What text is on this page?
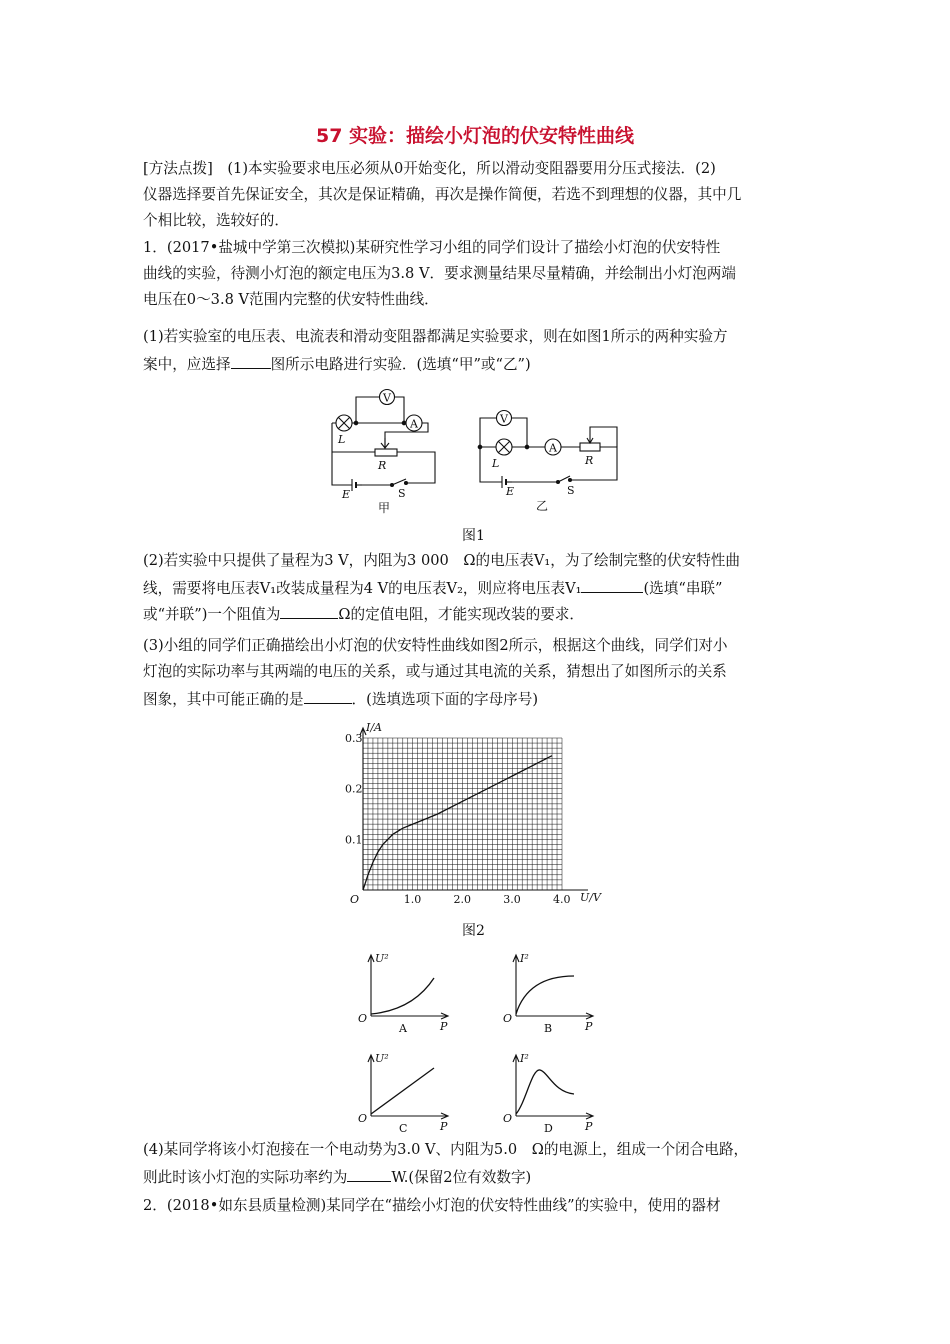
57 实验：描绘小灯泡的伏安特性曲线
[方法点拨]　(1)本实验要求电压必须从0开始变化，所以滑动变阻器要用分压式接法．(2)
仪器选择要首先保证安全，其次是保证精确，再次是操作简便，若选不到理想的仪器，其中几
个相比较，选较好的．
1．(2017•盐城中学第三次模拟)某研究性学习小组的同学们设计了描绘小灯泡的伏安特性
曲线的实验，待测小灯泡的额定电压为3.8 V．要求测量结果尽量精确，并绘制出小灯泡两端
电压在0～3.8 V范围内完整的伏安特性曲线．
(1)若实验室的电压表、电流表和滑动变阻器都满足实验要求，则在如图1所示的两种实验方
案中，应选择	图所示电路进行实验．(选填“甲”或“乙”)
V
A
L
R
E	S
甲
V
A
L	R
E	S
乙
图1
(2)若实验中只提供了量程为3 V，内阻为3 000　Ω的电压表V₁，为了绘制完整的伏安特性曲
线，需要将电压表V₁改装成量程为4 V的电压表V₂，则应将电压表V₁	(选填“串联”
或“并联”)一个阻值为	Ω的定值电阻，才能实现改装的要求．
(3)小组的同学们正确描绘出小灯泡的伏安特性曲线如图2所示，根据这个曲线，同学们对小
灯泡的实际功率与其两端的电压的关系，或与通过其电流的关系，猜想出了如图所示的关系
图象，其中可能正确的是	．(选填选项下面的字母序号)
0.1
0.2
0.3
1.0	2.0	3.0	4.0
O
I/A
U/V
图2
O
U²
P
A
O
I²
P
B
O
U²
P
C
O
I²
P
D
(4)某同学将该小灯泡接在一个电动势为3.0 V、内阻为5.0　Ω的电源上，组成一个闭合电路，
则此时该小灯泡的实际功率约为	W.(保留2位有效数字)
2．(2018•如东县质量检测)某同学在“描绘小灯泡的伏安特性曲线”的实验中，使用的器材
